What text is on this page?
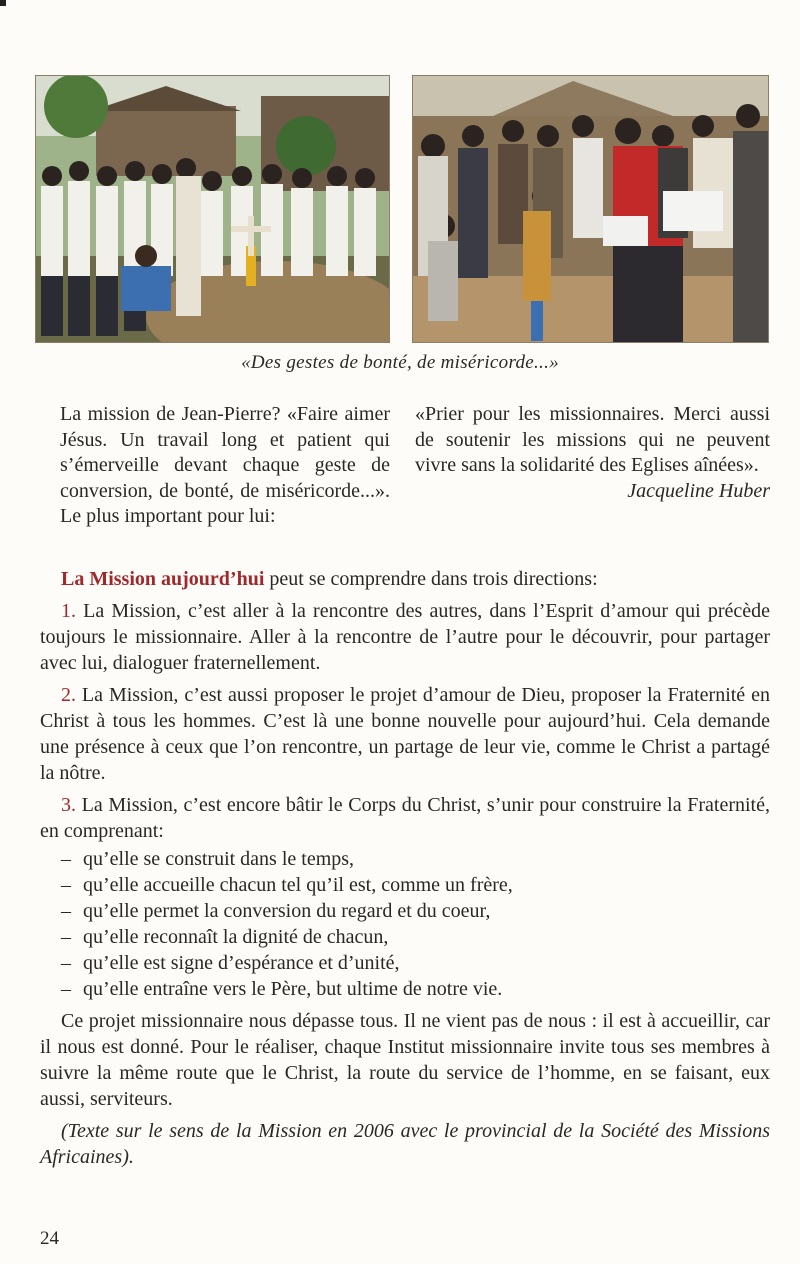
«Des gestes de bonté, de miséricorde...»

La mission de Jean-Pierre? «Faire aimer Jésus. Un travail long et patient qui s’émerveille devant chaque geste de conversion, de bonté, de miséricorde...». Le plus important pour lui:

«Prier pour les missionnaires. Merci aussi de soutenir les missions qui ne peuvent vivre sans la solidarité des Eglises aînées».

Jacqueline Huber

La Mission aujourd’hui peut se comprendre dans trois directions:

1. La Mission, c’est aller à la rencontre des autres, dans l’Esprit d’amour qui précède toujours le missionnaire. Aller à la rencontre de l’autre pour le découvrir, pour partager avec lui, dialoguer fraternellement.

2. La Mission, c’est aussi proposer le projet d’amour de Dieu, proposer la Fraternité en Christ à tous les hommes. C’est là une bonne nouvelle pour aujourd’hui. Cela demande une présence à ceux que l’on rencontre, un partage de leur vie, comme le Christ a partagé la nôtre.

3. La Mission, c’est encore bâtir le Corps du Christ, s’unir pour construire la Fraternité, en comprenant:

– qu’elle se construit dans le temps,
– qu’elle accueille chacun tel qu’il est, comme un frère,
– qu’elle permet la conversion du regard et du coeur,
– qu’elle reconnaît la dignité de chacun,
– qu’elle est signe d’espérance et d’unité,
– qu’elle entraîne vers le Père, but ultime de notre vie.

Ce projet missionnaire nous dépasse tous. Il ne vient pas de nous : il est à accueillir, car il nous est donné. Pour le réaliser, chaque Institut missionnaire invite tous ses membres à suivre la même route que le Christ, la route du service de l’homme, en se faisant, eux aussi, serviteurs.

(Texte sur le sens de la Mission en 2006 avec le provincial de la Société des Missions Africaines).

24
